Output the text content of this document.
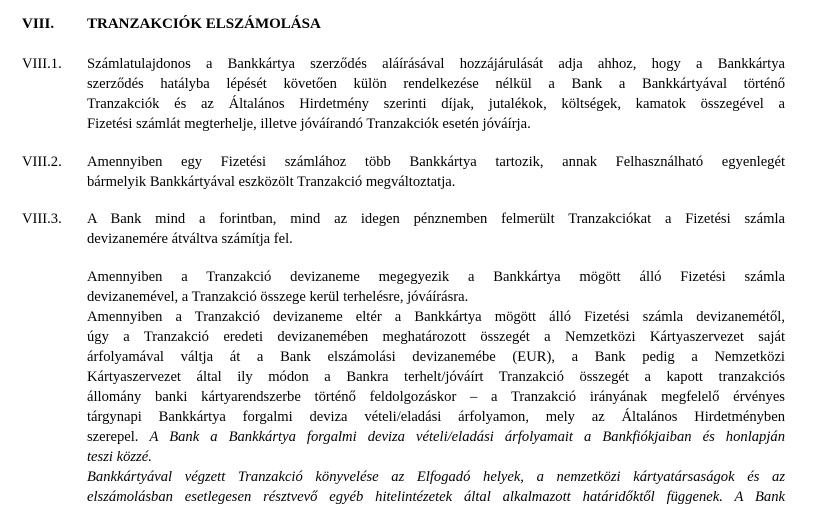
VIII.	TRANZAKCIÓK ELSZÁMOLÁSA
VIII.1. Számlatulajdonos a Bankkártya szerződés aláírásával hozzájárulását adja ahhoz, hogy a Bankkártya
szerződés hatályba lépését követően külön rendelkezése nélkül a Bank a Bankkártyával történő
Tranzakciók és az Általános Hirdetmény szerinti díjak, jutalékok, költségek, kamatok összegével a
Fizetési számlát megterhelje, illetve jóváírandó Tranzakciók esetén jóváírja.
VIII.2. Amennyiben egy Fizetési számlához több Bankkártya tartozik, annak Felhasználható egyenlegét
bármelyik Bankkártyával eszközölt Tranzakció megváltoztatja.
VIII.3. A Bank mind a forintban, mind az idegen pénznemben felmerült Tranzakciókat a Fizetési számla
devizanemére átváltva számítja fel.
Amennyiben a Tranzakció devizaneme megegyezik a Bankkártya mögött álló Fizetési számla
devizanemével, a Tranzakció összege kerül terhelésre, jóváírásra.
Amennyiben a Tranzakció devizaneme eltér a Bankkártya mögött álló Fizetési számla devizanemétől,
úgy a Tranzakció eredeti devizanemében meghatározott összegét a Nemzetközi Kártyaszervezet saját
árfolyamával váltja át a Bank elszámolási devizanemébe (EUR), a Bank pedig a Nemzetközi
Kártyaszervezet által ily módon a Bankra terhelt/jóváírt Tranzakció összegét a kapott tranzakciós
állomány banki kártyarendszerbe történő feldolgozáskor – a Tranzakció irányának megfelelő érvényes
tárgynapi Bankkártya forgalmi deviza vételi/eladási árfolyamon, mely az Általános Hirdetményben
szerepel. A Bank a Bankkártya forgalmi deviza vételi/eladási árfolyamait a Bankfiókjaiban és honlapján
teszi közzé.
Bankkártyával végzett Tranzakció könyvelése az Elfogadó helyek, a nemzetközi kártyatársaságok és az
elszámolásban esetlegesen résztvevő egyéb hitelintézetek által alkalmazott határidőktől függenek. A Bank
